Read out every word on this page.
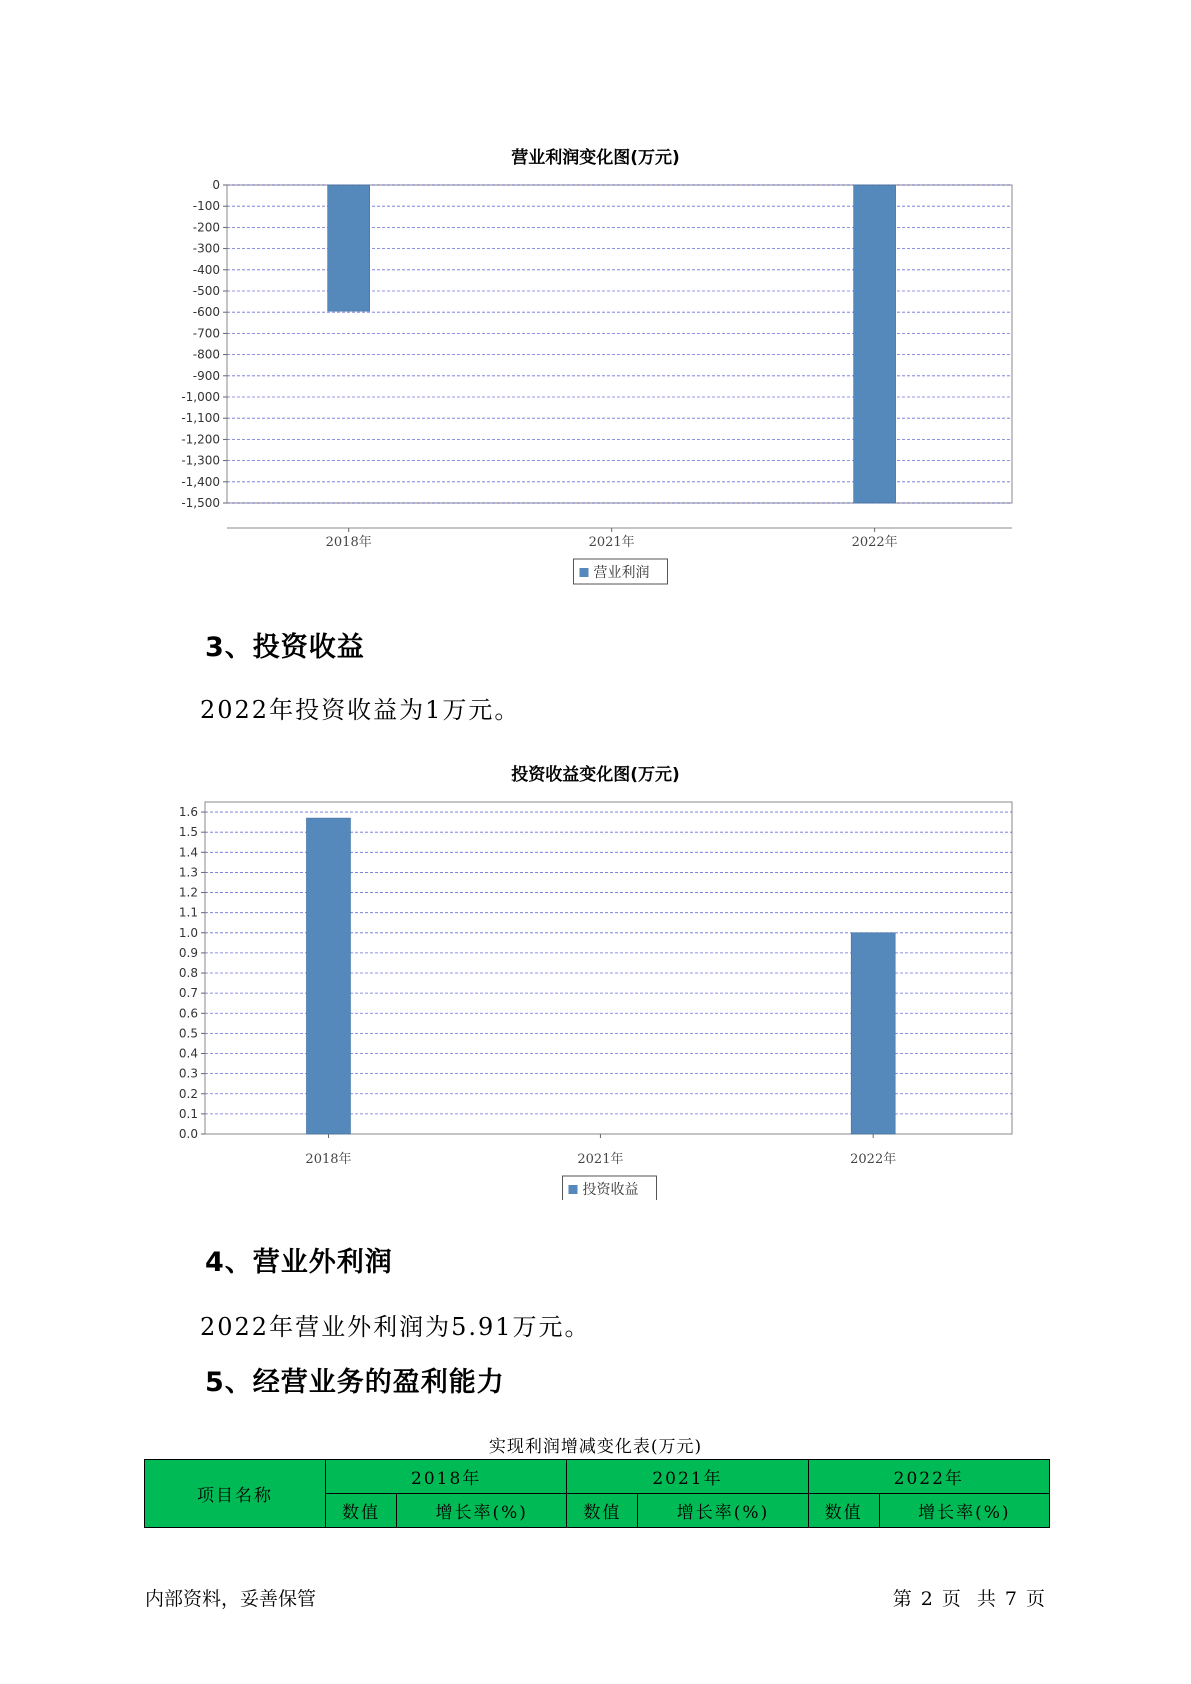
营业利润变化图(万元)
0
-100
-200
-300
-400
-500
-600
-700
-800
-900
-1,000
-1,100
-1,200
-1,300
-1,400
-1,500
2018年	2021年	2022年
营业利润
3、投资收益
2022年投资收益为1万元。
投资收益变化图(万元)
0.0
0.1
0.2
0.3
0.4
0.5
0.6
0.7
0.8
0.9
1.0
1.1
1.2
1.3
1.4
1.5
1.6
2018年	2021年	2022年
投资收益
4、营业外利润
2022年营业外利润为5.91万元。
5、经营业务的盈利能力
实现利润增减变化表(万元)
项目名称	2018年		2021年		2022年	
	数值	增长率(%)	数值	增长率(%)	数值	增长率(%)
内部资料，妥善保管	第 2 页 共 7 页
